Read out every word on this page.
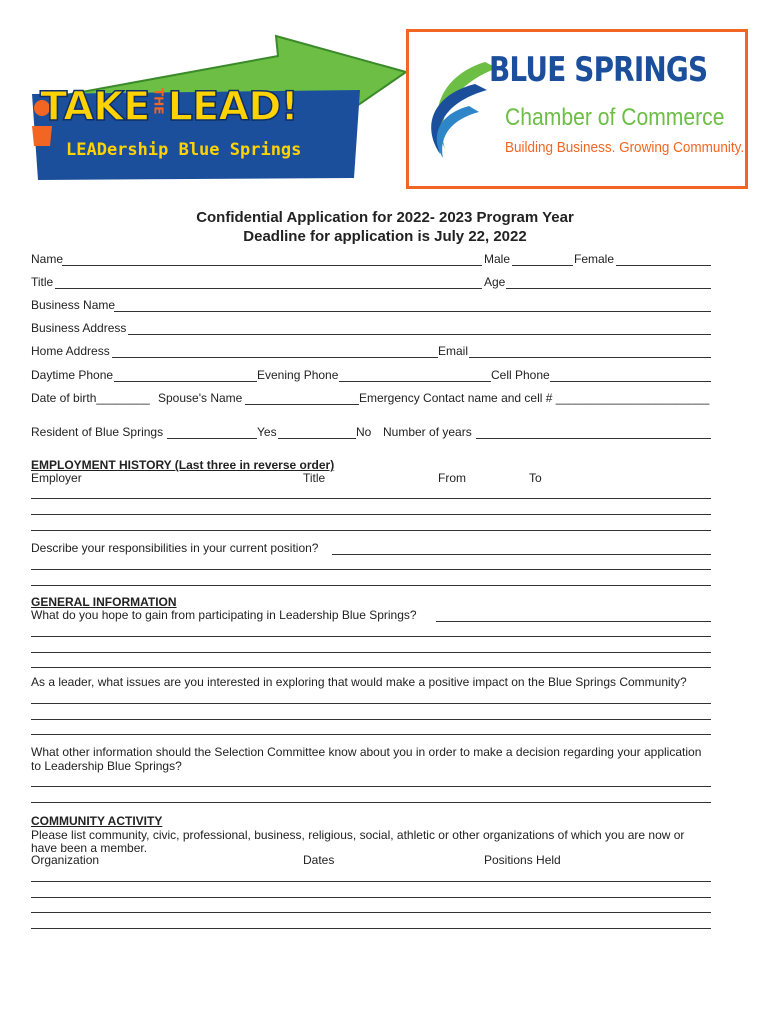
TAKE THELEAD!
LEADership Blue Springs
BLUE SPRINGS
Chamber of Commerce
Building Business. Growing Community.
Confidential Application for 2022- 2023 Program Year
Deadline for application is July 22, 2022
Name	Male	Female
Title	Age
Business Name
Business Address
Home Address	Email
Daytime Phone	Evening Phone	Cell Phone
Date of birth________ Spouse's Name	Emergency Contact name and cell # _______________________
Resident of Blue Springs	Yes	No Number of years
EMPLOYMENT HISTORY (Last three in reverse order)
Employer	Title	From	To
Describe your responsibilities in your current position?
GENERAL INFORMATION
What do you hope to gain from participating in Leadership Blue Springs?
As a leader, what issues are you interested in exploring that would make a positive impact on the Blue Springs Community?
What other information should the Selection Committee know about you in order to make a decision regarding your application
to Leadership Blue Springs?
COMMUNITY ACTIVITY
Please list community, civic, professional, business, religious, social, athletic or other organizations of which you are now or
have been a member.
Organization	Dates	Positions Held
